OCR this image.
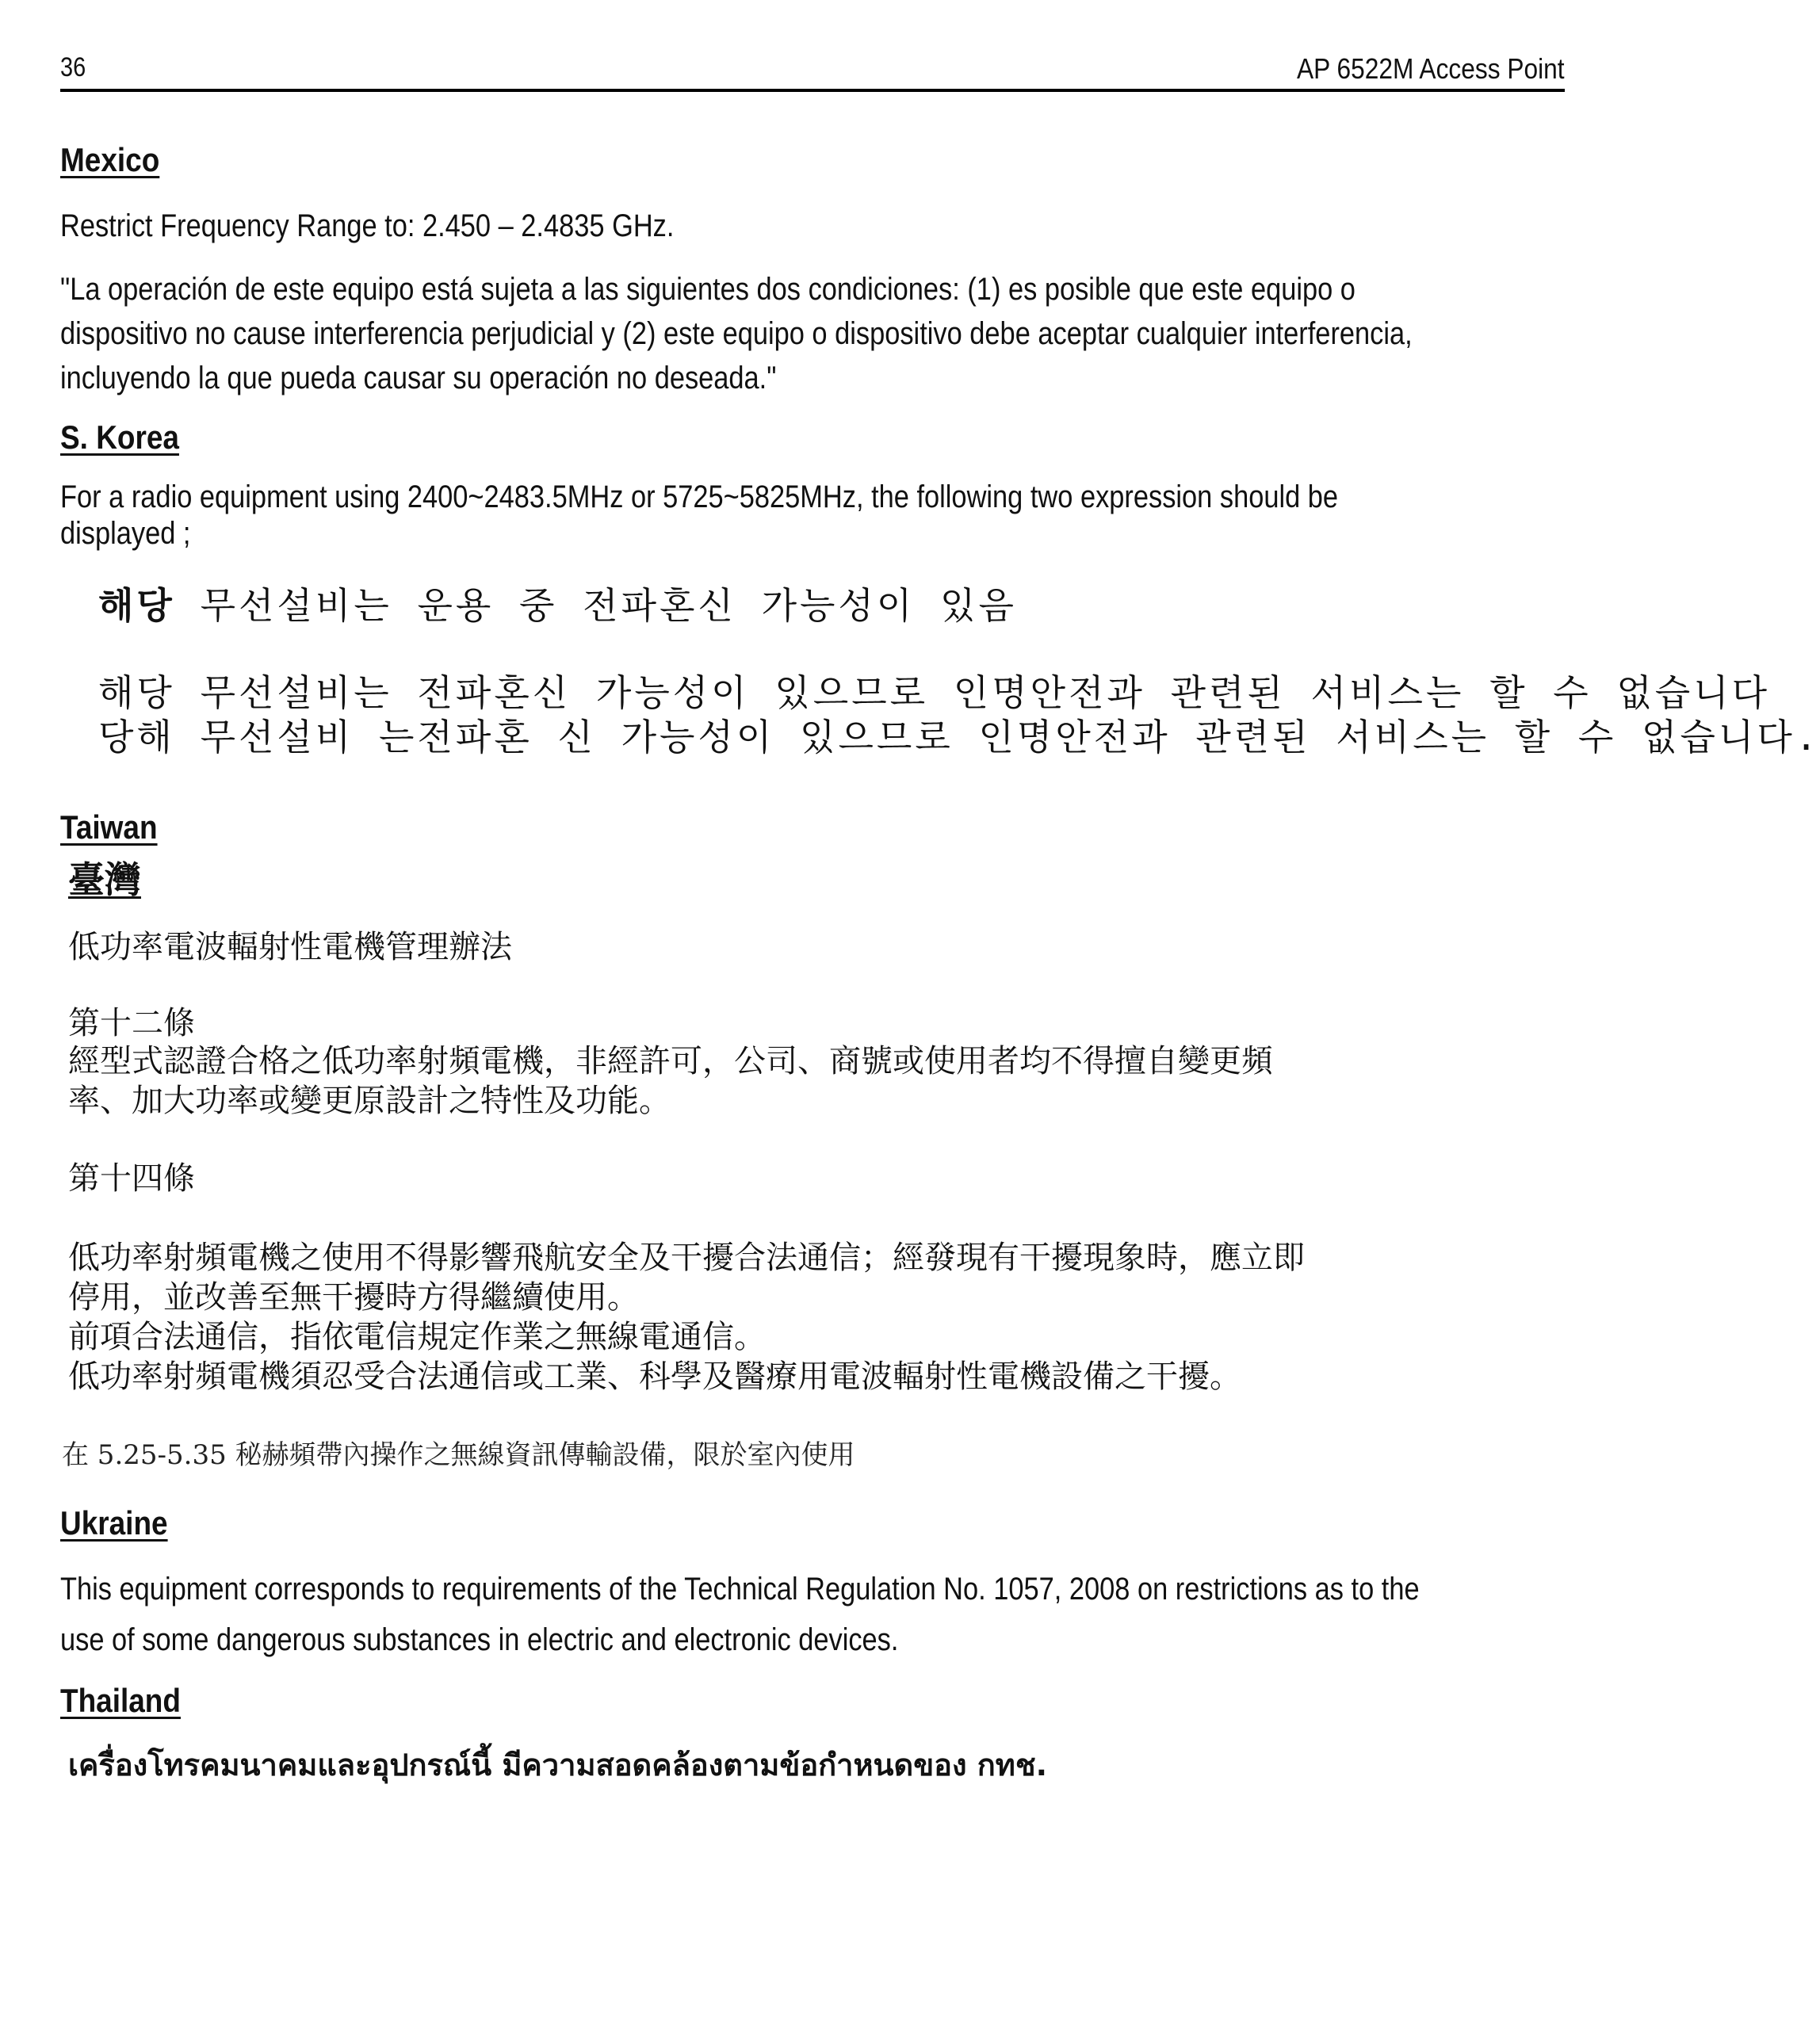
36	AP 6522M Access Point
Mexico
Restrict Frequency Range to: 2.450 – 2.4835 GHz.
"La operación de este equipo está sujeta a las siguientes dos condiciones: (1) es posible que este equipo o
dispositivo no cause interferencia perjudicial y (2) este equipo o dispositivo debe aceptar cualquier interferencia,
incluyendo la que pueda causar su operación no deseada."
S. Korea
For a radio equipment using 2400~2483.5MHz or 5725~5825MHz, the following two expression should be
displayed ;
해당 무선설비는 운용 중 전파혼신 가능성이 있음
해당 무선설비는 전파혼신 가능성이 있으므로 인명안전과 관련된 서비스는 할 수 없습니다
당해 무선설비 는전파혼 신 가능성이 있으므로 인명안전과 관련된 서비스는 할 수 없습니다.
Taiwan
臺灣
低功率電波輻射性電機管理辦法
第十二條
經型式認證合格之低功率射頻電機，非經許可，公司、商號或使用者均不得擅自變更頻
率、加大功率或變更原設計之特性及功能。
第十四條
低功率射頻電機之使用不得影響飛航安全及干擾合法通信；經發現有干擾現象時，應立即
停用，並改善至無干擾時方得繼續使用。
前項合法通信，指依電信規定作業之無線電通信。
低功率射頻電機須忍受合法通信或工業、科學及醫療用電波輻射性電機設備之干擾。
在 5.25-5.35 秘赫頻帶內操作之無線資訊傳輸設備，限於室內使用
Ukraine
This equipment corresponds to requirements of the Technical Regulation No. 1057, 2008 on restrictions as to the
use of some dangerous substances in electric and electronic devices.
Thailand
เครื่องโทรคมนาคมและอุปกรณ์นี้ มีความสอดคล้องตามข้อกำหนดของ กทช.
